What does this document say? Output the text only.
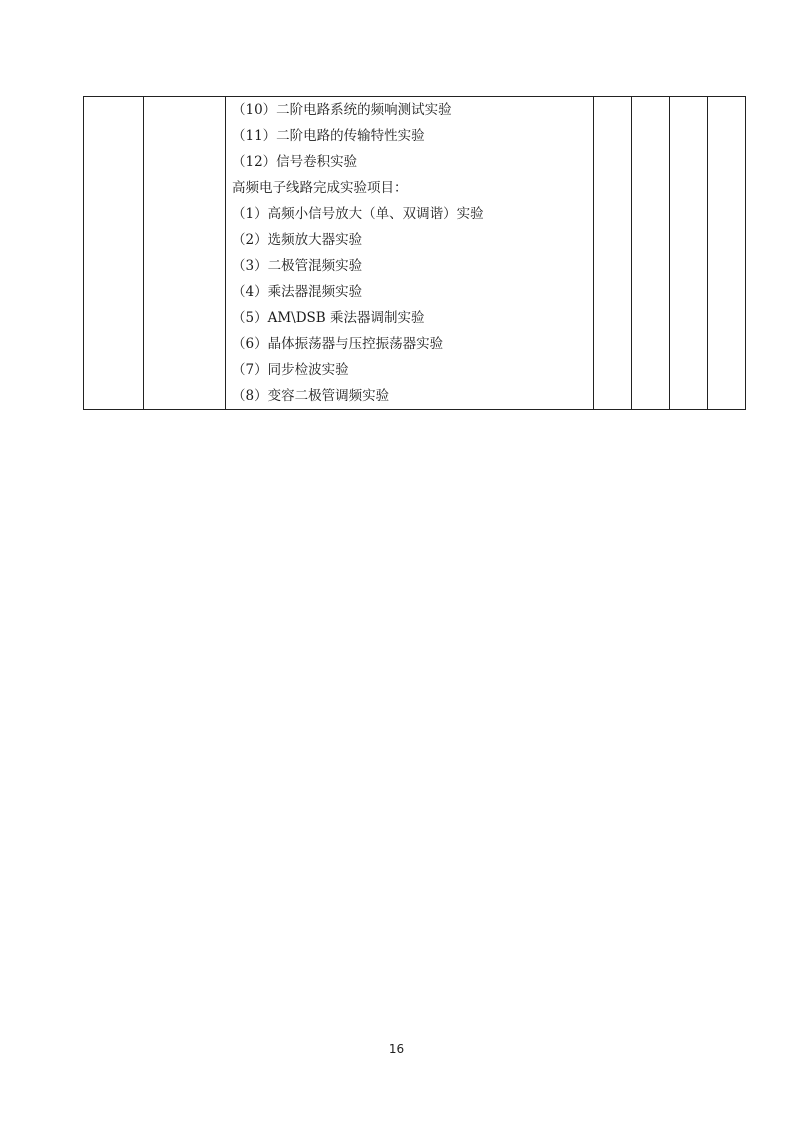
（10）二阶电路系统的频响测试实验
（11）二阶电路的传输特性实验
（12）信号卷积实验
高频电子线路完成实验项目：
（1）高频小信号放大（单、双调谐）实验
（2）选频放大器实验
（3）二极管混频实验
（4）乘法器混频实验
（5）AM\DSB 乘法器调制实验
（6）晶体振荡器与压控振荡器实验
（7）同步检波实验
（8）变容二极管调频实验

16
